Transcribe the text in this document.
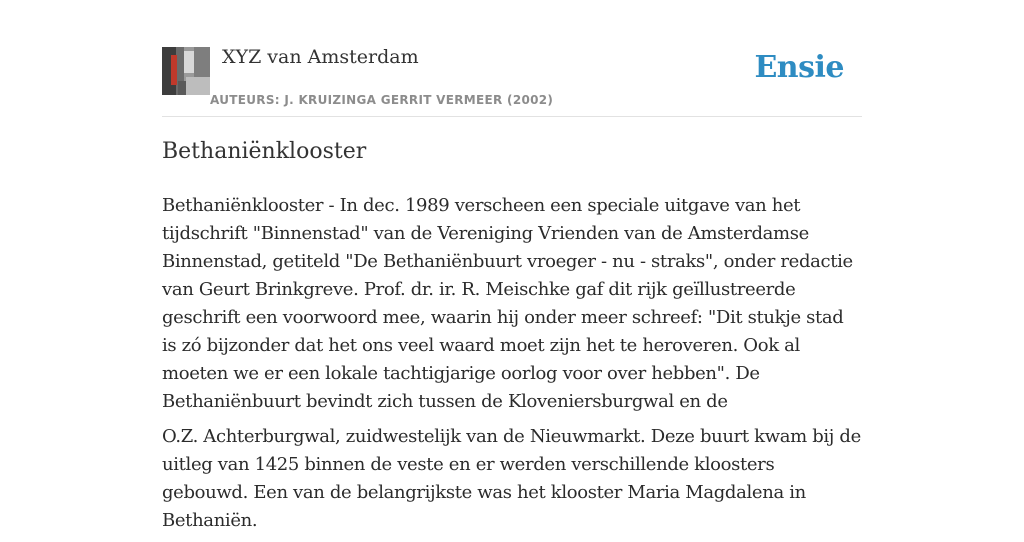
XYZ van Amsterdam
AUTEURS: J. KRUIZINGA GERRIT VERMEER (2002)
Ensie
Bethaniënklooster

Bethaniënklooster - In dec. 1989 verscheen een speciale uitgave van het tijdschrift "Binnenstad" van de Vereniging Vrienden van de Amsterdamse Binnenstad, getiteld "De Bethaniënbuurt vroeger - nu - straks", onder redactie van Geurt Brinkgreve. Prof. dr. ir. R. Meischke gaf dit rijk geïllustreerde geschrift een voorwoord mee, waarin hij onder meer schreef: "Dit stukje stad is zó bijzonder dat het ons veel waard moet zijn het te heroveren. Ook al moeten we er een lokale tachtigjarige oorlog voor over hebben". De Bethaniënbuurt bevindt zich tussen de Kloveniersburgwal en de

O.Z. Achterburgwal, zuidwestelijk van de Nieuwmarkt. Deze buurt kwam bij de uitleg van 1425 binnen de veste en er werden verschillende kloosters gebouwd. Een van de belangrijkste was het klooster Maria Magdalena in Bethaniën.
